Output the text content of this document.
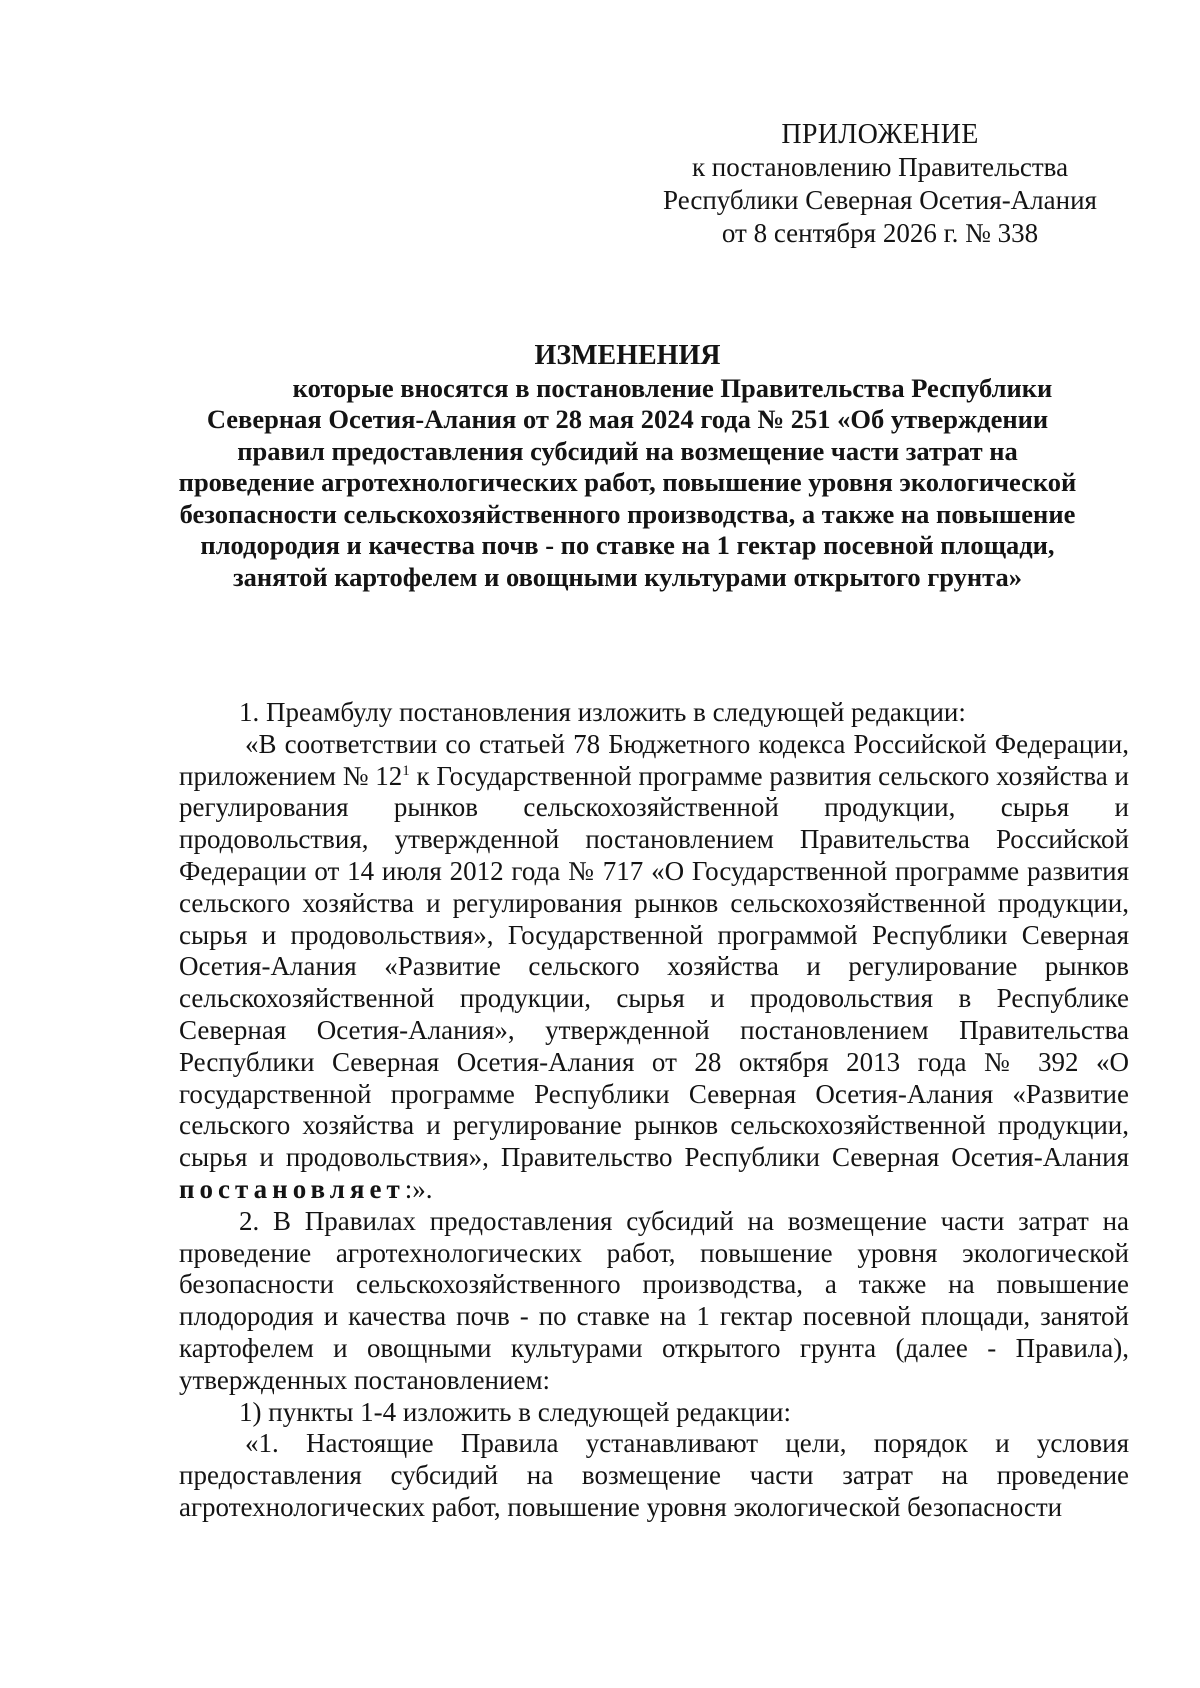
ПРИЛОЖЕНИЕ
к постановлению Правительства
Республики Северная Осетия-Алания
от 8 сентября 2026 г. № 338
ИЗМЕНЕНИЯ
которые вносятся в постановление Правительства Республики Северная Осетия-Алания от 28 мая 2024 года № 251 «Об утверждении правил предоставления субсидий на возмещение части затрат на проведение агротехнологических работ, повышение уровня экологической безопасности сельскохозяйственного производства, а также на повышение плодородия и качества почв - по ставке на 1 гектар посевной площади, занятой картофелем и овощными культурами открытого грунта»

1. Преамбулу постановления изложить в следующей редакции:

«В соответствии со статьей 78 Бюджетного кодекса Российской Федерации, приложением № $12^1$ к Государственной программе развития сельского хозяйства и регулирования рынков сельскохозяйственной продукции, сырья и продовольствия, утвержденной постановлением Правительства Российской Федерации от 14 июля 2012 года № 717 «О Государственной программе развития сельского хозяйства и регулирования рынков сельскохозяйственной продукции, сырья и продовольствия», Государственной программой Республики Северная Осетия-Алания «Развитие сельского хозяйства и регулирование рынков сельскохозяйственной продукции, сырья и продовольствия в Республике Северная Осетия-Алания», утвержденной постановлением Правительства Республики Северная Осетия-Алания от 28 октября 2013 года № 392 «О государственной программе Республики Северная Осетия-Алания «Развитие сельского хозяйства и регулирование рынков сельскохозяйственной продукции, сырья и продовольствия», Правительство Республики Северная Осетия-Алания постановляет:».

2. В Правилах предоставления субсидий на возмещение части затрат на проведение агротехнологических работ, повышение уровня экологической безопасности сельскохозяйственного производства, а также на повышение плодородия и качества почв - по ставке на 1 гектар посевной площади, занятой картофелем и овощными культурами открытого грунта (далее - Правила), утвержденных постановлением:

1) пункты 1-4 изложить в следующей редакции:

«1. Настоящие Правила устанавливают цели, порядок и условия предоставления субсидий на возмещение части затрат на проведение агротехнологических работ, повышение уровня экологической безопасности
